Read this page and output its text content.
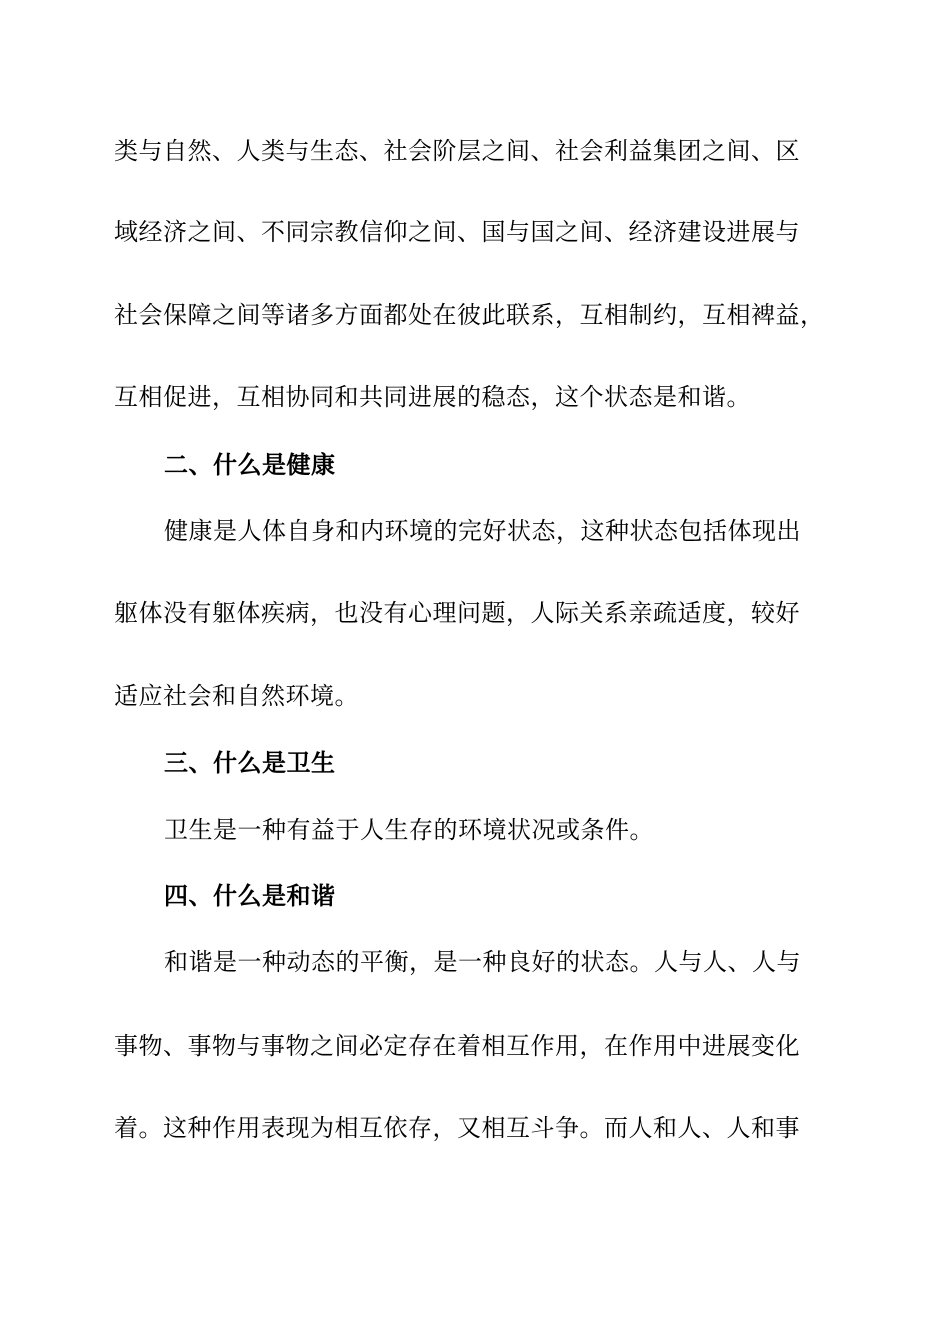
类与自然、人类与生态、社会阶层之间、社会利益集团之间、区

域经济之间、不同宗教信仰之间、国与国之间、经济建设进展与

社会保障之间等诸多方面都处在彼此联系，互相制约，互相裨益，

互相促进，互相协同和共同进展的稳态，这个状态是和谐。

二、什么是健康

健康是人体自身和内环境的完好状态，这种状态包括体现出

躯体没有躯体疾病，也没有心理问题，人际关系亲疏适度，较好

适应社会和自然环境。

三、什么是卫生

卫生是一种有益于人生存的环境状况或条件。

四、什么是和谐

和谐是一种动态的平衡，是一种良好的状态。人与人、人与

事物、事物与事物之间必定存在着相互作用，在作用中进展变化

着。这种作用表现为相互依存，又相互斗争。而人和人、人和事
